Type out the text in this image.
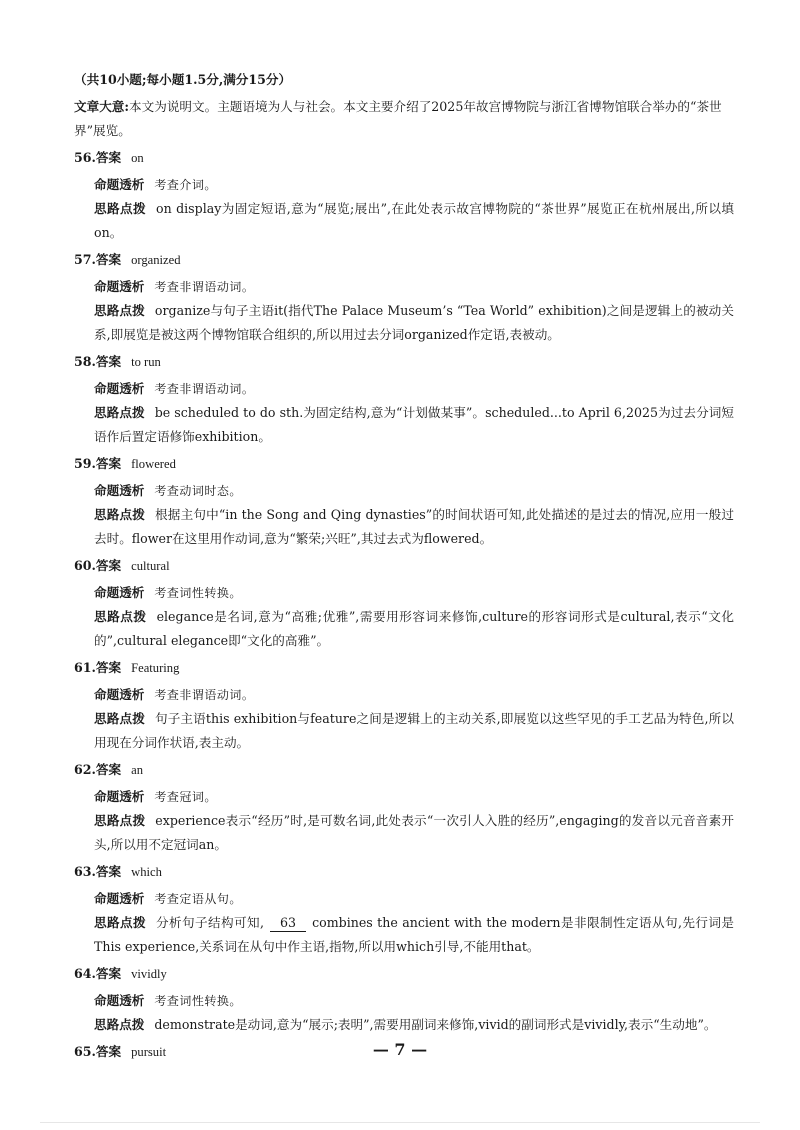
（共10小题;每小题1.5分,满分15分）
文章大意:本文为说明文。主题语境为人与社会。本文主要介绍了2025年故宫博物院与浙江省博物馆联合举办的“茶世界”展览。
56.答案 on
命题透析 考查介词。
思路点拨 on display为固定短语,意为“展览;展出”,在此处表示故宫博物院的“茶世界”展览正在杭州展出,所以填on。
57.答案 organized
命题透析 考查非谓语动词。
思路点拨 organize与句子主语it(指代The Palace Museum’s “Tea World” exhibition)之间是逻辑上的被动关系,即展览是被这两个博物馆联合组织的,所以用过去分词organized作定语,表被动。
58.答案 to run
命题透析 考查非谓语动词。
思路点拨 be scheduled to do sth.为固定结构,意为“计划做某事”。scheduled...to April 6,2025为过去分词短语作后置定语修饰exhibition。
59.答案 flowered
命题透析 考查动词时态。
思路点拨 根据主句中“in the Song and Qing dynasties”的时间状语可知,此处描述的是过去的情况,应用一般过去时。flower在这里用作动词,意为“繁荣;兴旺”,其过去式为flowered。
60.答案 cultural
命题透析 考查词性转换。
思路点拨 elegance是名词,意为“高雅;优雅”,需要用形容词来修饰,culture的形容词形式是cultural,表示“文化的”,cultural elegance即“文化的高雅”。
61.答案 Featuring
命题透析 考查非谓语动词。
思路点拨 句子主语this exhibition与feature之间是逻辑上的主动关系,即展览以这些罕见的手工艺品为特色,所以用现在分词作状语,表主动。
62.答案 an
命题透析 考查冠词。
思路点拨 experience表示“经历”时,是可数名词,此处表示“一次引人入胜的经历”,engaging的发音以元音音素开头,所以用不定冠词an。
63.答案 which
命题透析 考查定语从句。
思路点拨 分析句子结构可知, 63 combines the ancient with the modern是非限制性定语从句,先行词是This experience,关系词在从句中作主语,指物,所以用which引导,不能用that。
64.答案 vividly
命题透析 考查词性转换。
思路点拨 demonstrate是动词,意为“展示;表明”,需要用副词来修饰,vivid的副词形式是vividly,表示“生动地”。
65.答案 pursuit	— 7 —
